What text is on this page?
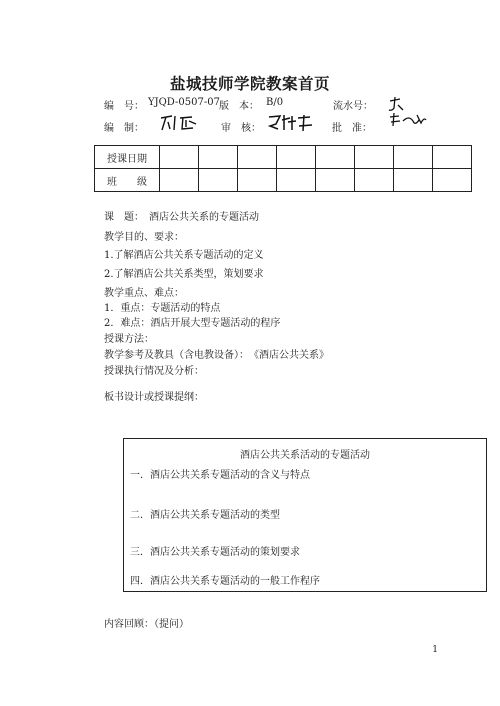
盐城技师学院教案首页
编　号： YJQD-0507-07 版　本： B/0	流水号：
编　制：	审　核：	批　准：
授课日期								
班　　级								
课　题：　酒店公共关系的专题活动
教学目的、要求：
1.了解酒店公共关系专题活动的定义
2.了解酒店公共关系类型，策划要求
教学重点、难点：
1．重点：专题活动的特点
2．难点：酒店开展大型专题活动的程序
授课方法：
教学参考及教具（含电教设备）：　《酒店公共关系》
授课执行情况及分析：
板书设计或授课提纲：
酒店公共关系活动的专题活动
一．酒店公共关系专题活动的含义与特点
二．酒店公共关系专题活动的类型
三．酒店公共关系专题活动的策划要求
四．酒店公共关系专题活动的一般工作程序
内容回顾：（提问）
1
